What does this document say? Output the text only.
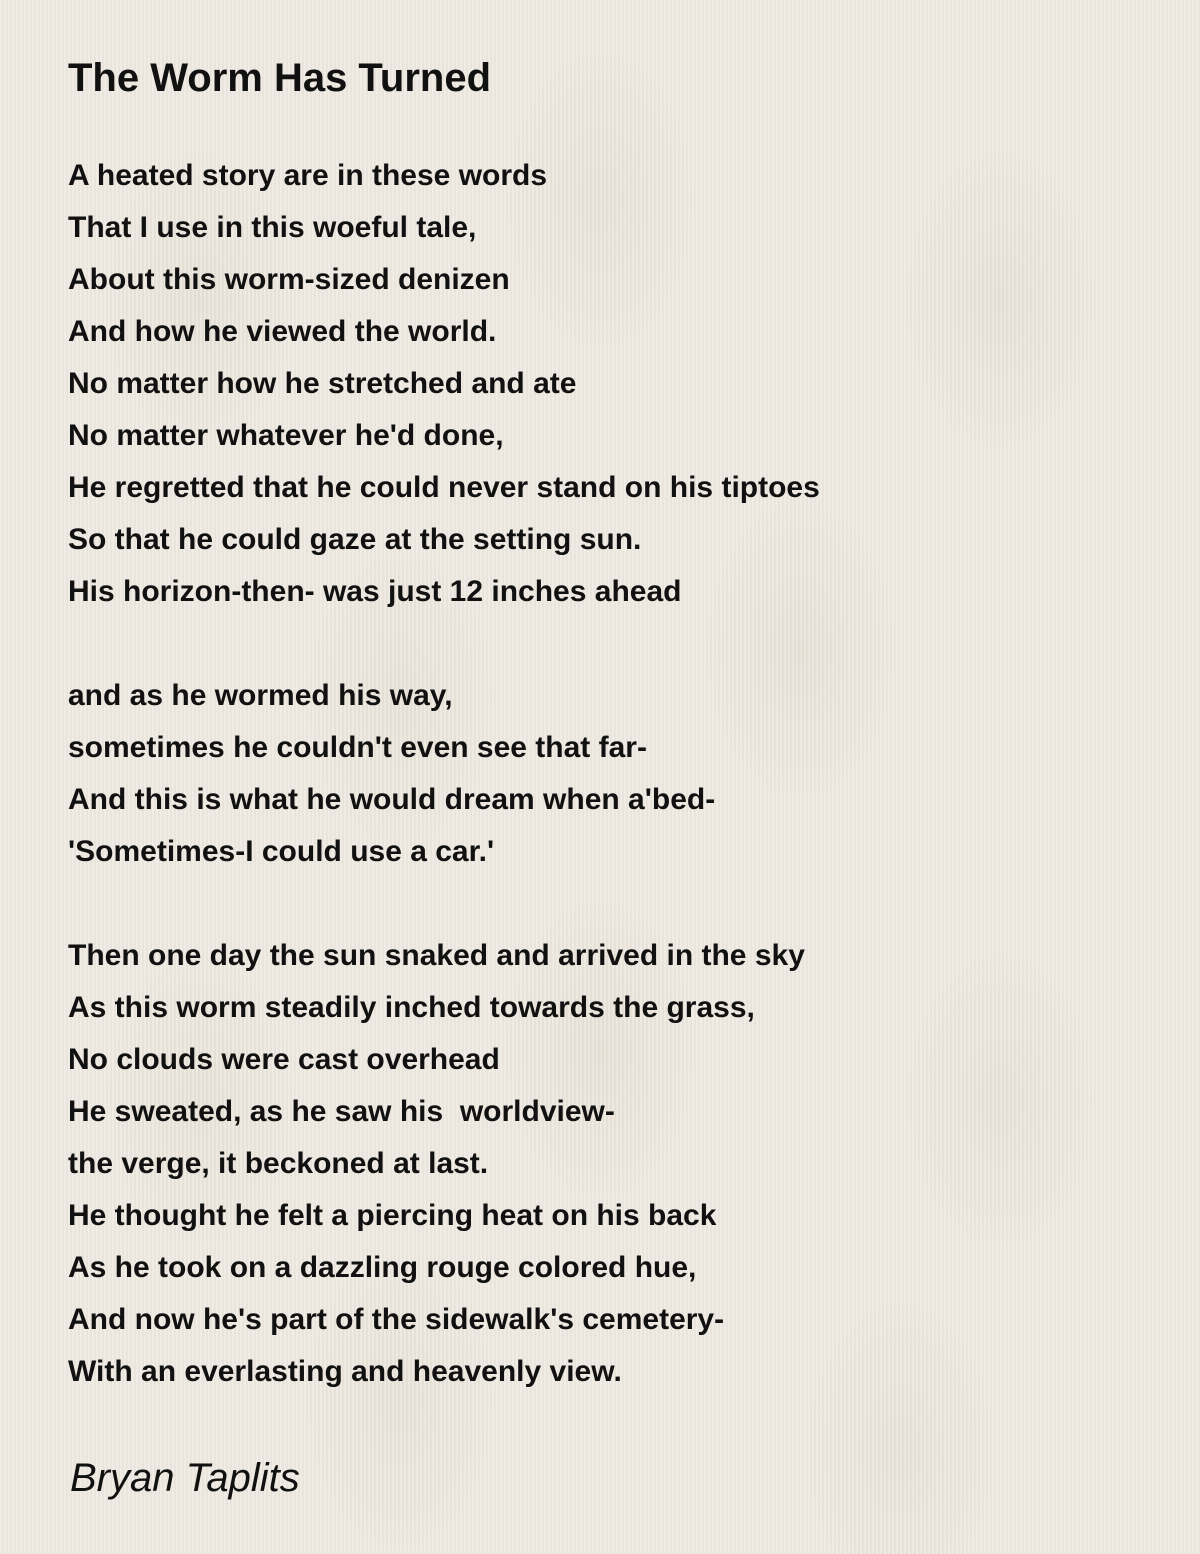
The Worm Has Turned
A heated story are in these words
That I use in this woeful tale,
About this worm-sized denizen
And how he viewed the world.
No matter how he stretched and ate
No matter whatever he'd done,
He regretted that he could never stand on his tiptoes
So that he could gaze at the setting sun.
His horizon-then- was just 12 inches ahead
and as he wormed his way,
sometimes he couldn't even see that far-
And this is what he would dream when a'bed-
'Sometimes-I could use a car.'
Then one day the sun snaked and arrived in the sky
As this worm steadily inched towards the grass,
No clouds were cast overhead
He sweated, as he saw his  worldview-
the verge, it beckoned at last.
He thought he felt a piercing heat on his back
As he took on a dazzling rouge colored hue,
And now he's part of the sidewalk's cemetery-
With an everlasting and heavenly view.

Bryan Taplits
